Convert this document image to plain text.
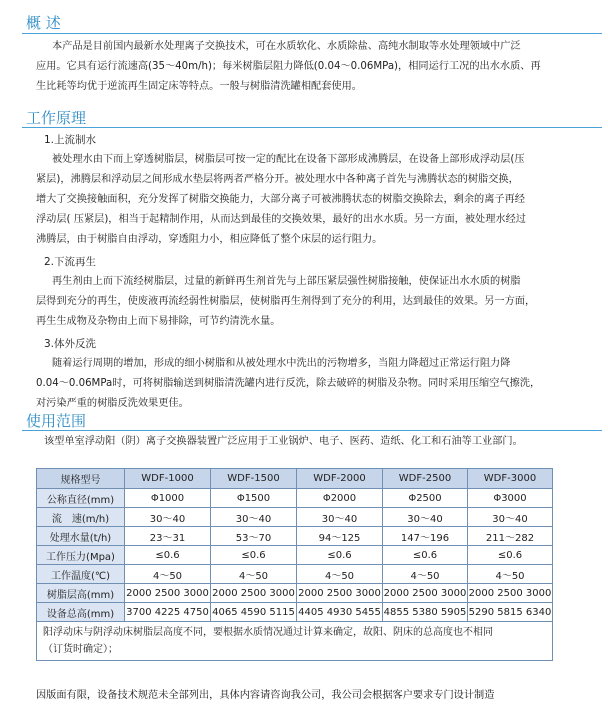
概 述

本产品是目前国内最新水处理离子交换技术，可在水质软化、水质除盐、高纯水制取等水处理领域中广泛

应用。它具有运行流速高(35～40m/h)；每米树脂层阻力降低(0.04～0.06MPa)，相同运行工况的出水水质、再

生比耗等均优于逆流再生固定床等特点。一般与树脂清洗罐相配套使用。

工作原理

1.上流制水

被处理水由下而上穿透树脂层，树脂层可按一定的配比在设备下部形成沸腾层，在设备上部形成浮动层(压

紧层)，沸腾层和浮动层之间形成水垫层将两者严格分开。被处理水中各种离子首先与沸腾状态的树脂交换，

增大了交换接触面积，充分发挥了树脂交换能力，大部分离子可被沸腾状态的树脂交换除去，剩余的离子再经

浮动层( 压紧层)，相当于起精制作用，从而达到最佳的交换效果，最好的出水水质。另一方面，被处理水经过

沸腾层，由于树脂自由浮动，穿透阻力小，相应降低了整个床层的运行阻力。

2.下流再生

再生剂由上而下流经树脂层，过量的新鲜再生剂首先与上部压紧层强性树脂接触，使保证出水水质的树脂

层得到充分的再生，使废液再流经弱性树脂层，使树脂再生剂得到了充分的利用，达到最佳的效果。另一方面，

再生生成物及杂物由上而下易排除，可节约清洗水量。

3.体外反洗

随着运行周期的增加，形成的细小树脂和从被处理水中洗出的污物增多，当阻力降超过正常运行阻力降

0.04～0.06MPa时，可将树脂输送到树脂清洗罐内进行反洗，除去破碎的树脂及杂物。同时采用压缩空气擦洗，

对污染严重的树脂反洗效果更佳。

使用范围

该型单室浮动阳（阴）离子交换器装置广泛应用于工业锅炉、电子、医药、造纸、化工和石油等工业部门。

规格型号	WDF-1000	WDF-1500	WDF-2000	WDF-2500	WDF-3000
公称直径(mm)	Φ1000	Φ1500	Φ2000	Φ2500	Φ3000
流　速(m/h)	30～40	30～40	30～40	30～40	30～40
处理水量(t/h)	23～31	53～70	94～125	147～196	211～282
工作压力(Mpa)	≤0.6	≤0.6	≤0.6	≤0.6	≤0.6
工作温度(℃)	4～50	4～50	4～50	4～50	4～50
树脂层高(mm)	2000 2500 3000	2000 2500 3000	2000 2500 3000	2000 2500 3000	2000 2500 3000
设备总高(mm)	3700 4225 4750	4065 4590 5115	4405 4930 5455	4855 5380 5905	5290 5815 6340
阳浮动床与阴浮动床树脂层高度不同，要根据水质情况通过计算来确定，故阳、阴床的总高度也不相同
（订货时确定）；					
因版面有限，设备技术规范未全部列出，具体内容请咨询我公司，我公司会根据客户要求专门设计制造
